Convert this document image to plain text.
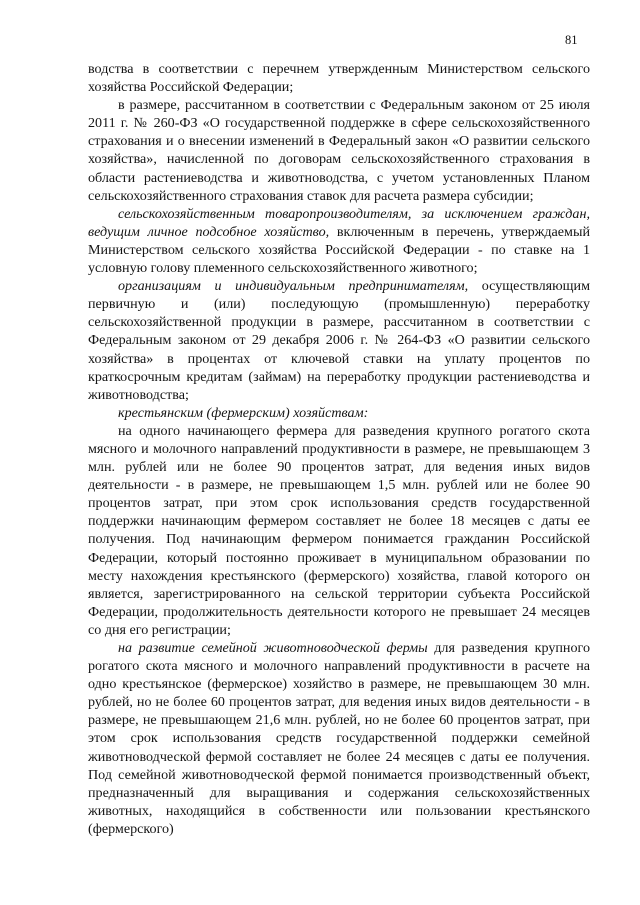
81

водства в соответствии с перечнем утвержденным Министерством сельского хозяйства Российской Федерации;

в размере, рассчитанном в соответствии с Федеральным законом от 25 июля 2011 г. № 260-ФЗ «О государственной поддержке в сфере сельскохозяйственного страхования и о внесении изменений в Федеральный закон «О развитии сельского хозяйства», начисленной по договорам сельскохозяйственного страхования в области растениеводства и животноводства, с учетом установленных Планом сельскохозяйственного страхования ставок для расчета размера субсидии;

сельскохозяйственным товаропроизводителям, за исключением граждан, ведущим личное подсобное хозяйство, включенным в перечень, утверждаемый Министерством сельского хозяйства Российской Федерации - по ставке на 1 условную голову племенного сельскохозяйственного животного;

организациям и индивидуальным предпринимателям, осуществляющим первичную и (или) последующую (промышленную) переработку сельскохозяйственной продукции в размере, рассчитанном в соответствии с Федеральным законом от 29 декабря 2006 г. № 264-ФЗ «О развитии сельского хозяйства» в процентах от ключевой ставки на уплату процентов по краткосрочным кредитам (займам) на переработку продукции растениеводства и животноводства;

крестьянским (фермерским) хозяйствам:

на одного начинающего фермера для разведения крупного рогатого скота мясного и молочного направлений продуктивности в размере, не превышающем 3 млн. рублей или не более 90 процентов затрат, для ведения иных видов деятельности - в размере, не превышающем 1,5 млн. рублей или не более 90 процентов затрат, при этом срок использования средств государственной поддержки начинающим фермером составляет не более 18 месяцев с даты ее получения. Под начинающим фермером понимается гражданин Российской Федерации, который постоянно проживает в муниципальном образовании по месту нахождения крестьянского (фермерского) хозяйства, главой которого он является, зарегистрированного на сельской территории субъекта Российской Федерации, продолжительность деятельности которого не превышает 24 месяцев со дня его регистрации;

на развитие семейной животноводческой фермы для разведения крупного рогатого скота мясного и молочного направлений продуктивности в расчете на одно крестьянское (фермерское) хозяйство в размере, не превышающем 30 млн. рублей, но не более 60 процентов затрат, для ведения иных видов деятельности - в размере, не превышающем 21,6 млн. рублей, но не более 60 процентов затрат, при этом срок использования средств государственной поддержки семейной животноводческой фермой составляет не более 24 месяцев с даты ее получения. Под семейной животноводческой фермой понимается производственный объект, предназначенный для выращивания и содержания сельскохозяйственных животных, находящийся в собственности или пользовании крестьянского (фермерского)
